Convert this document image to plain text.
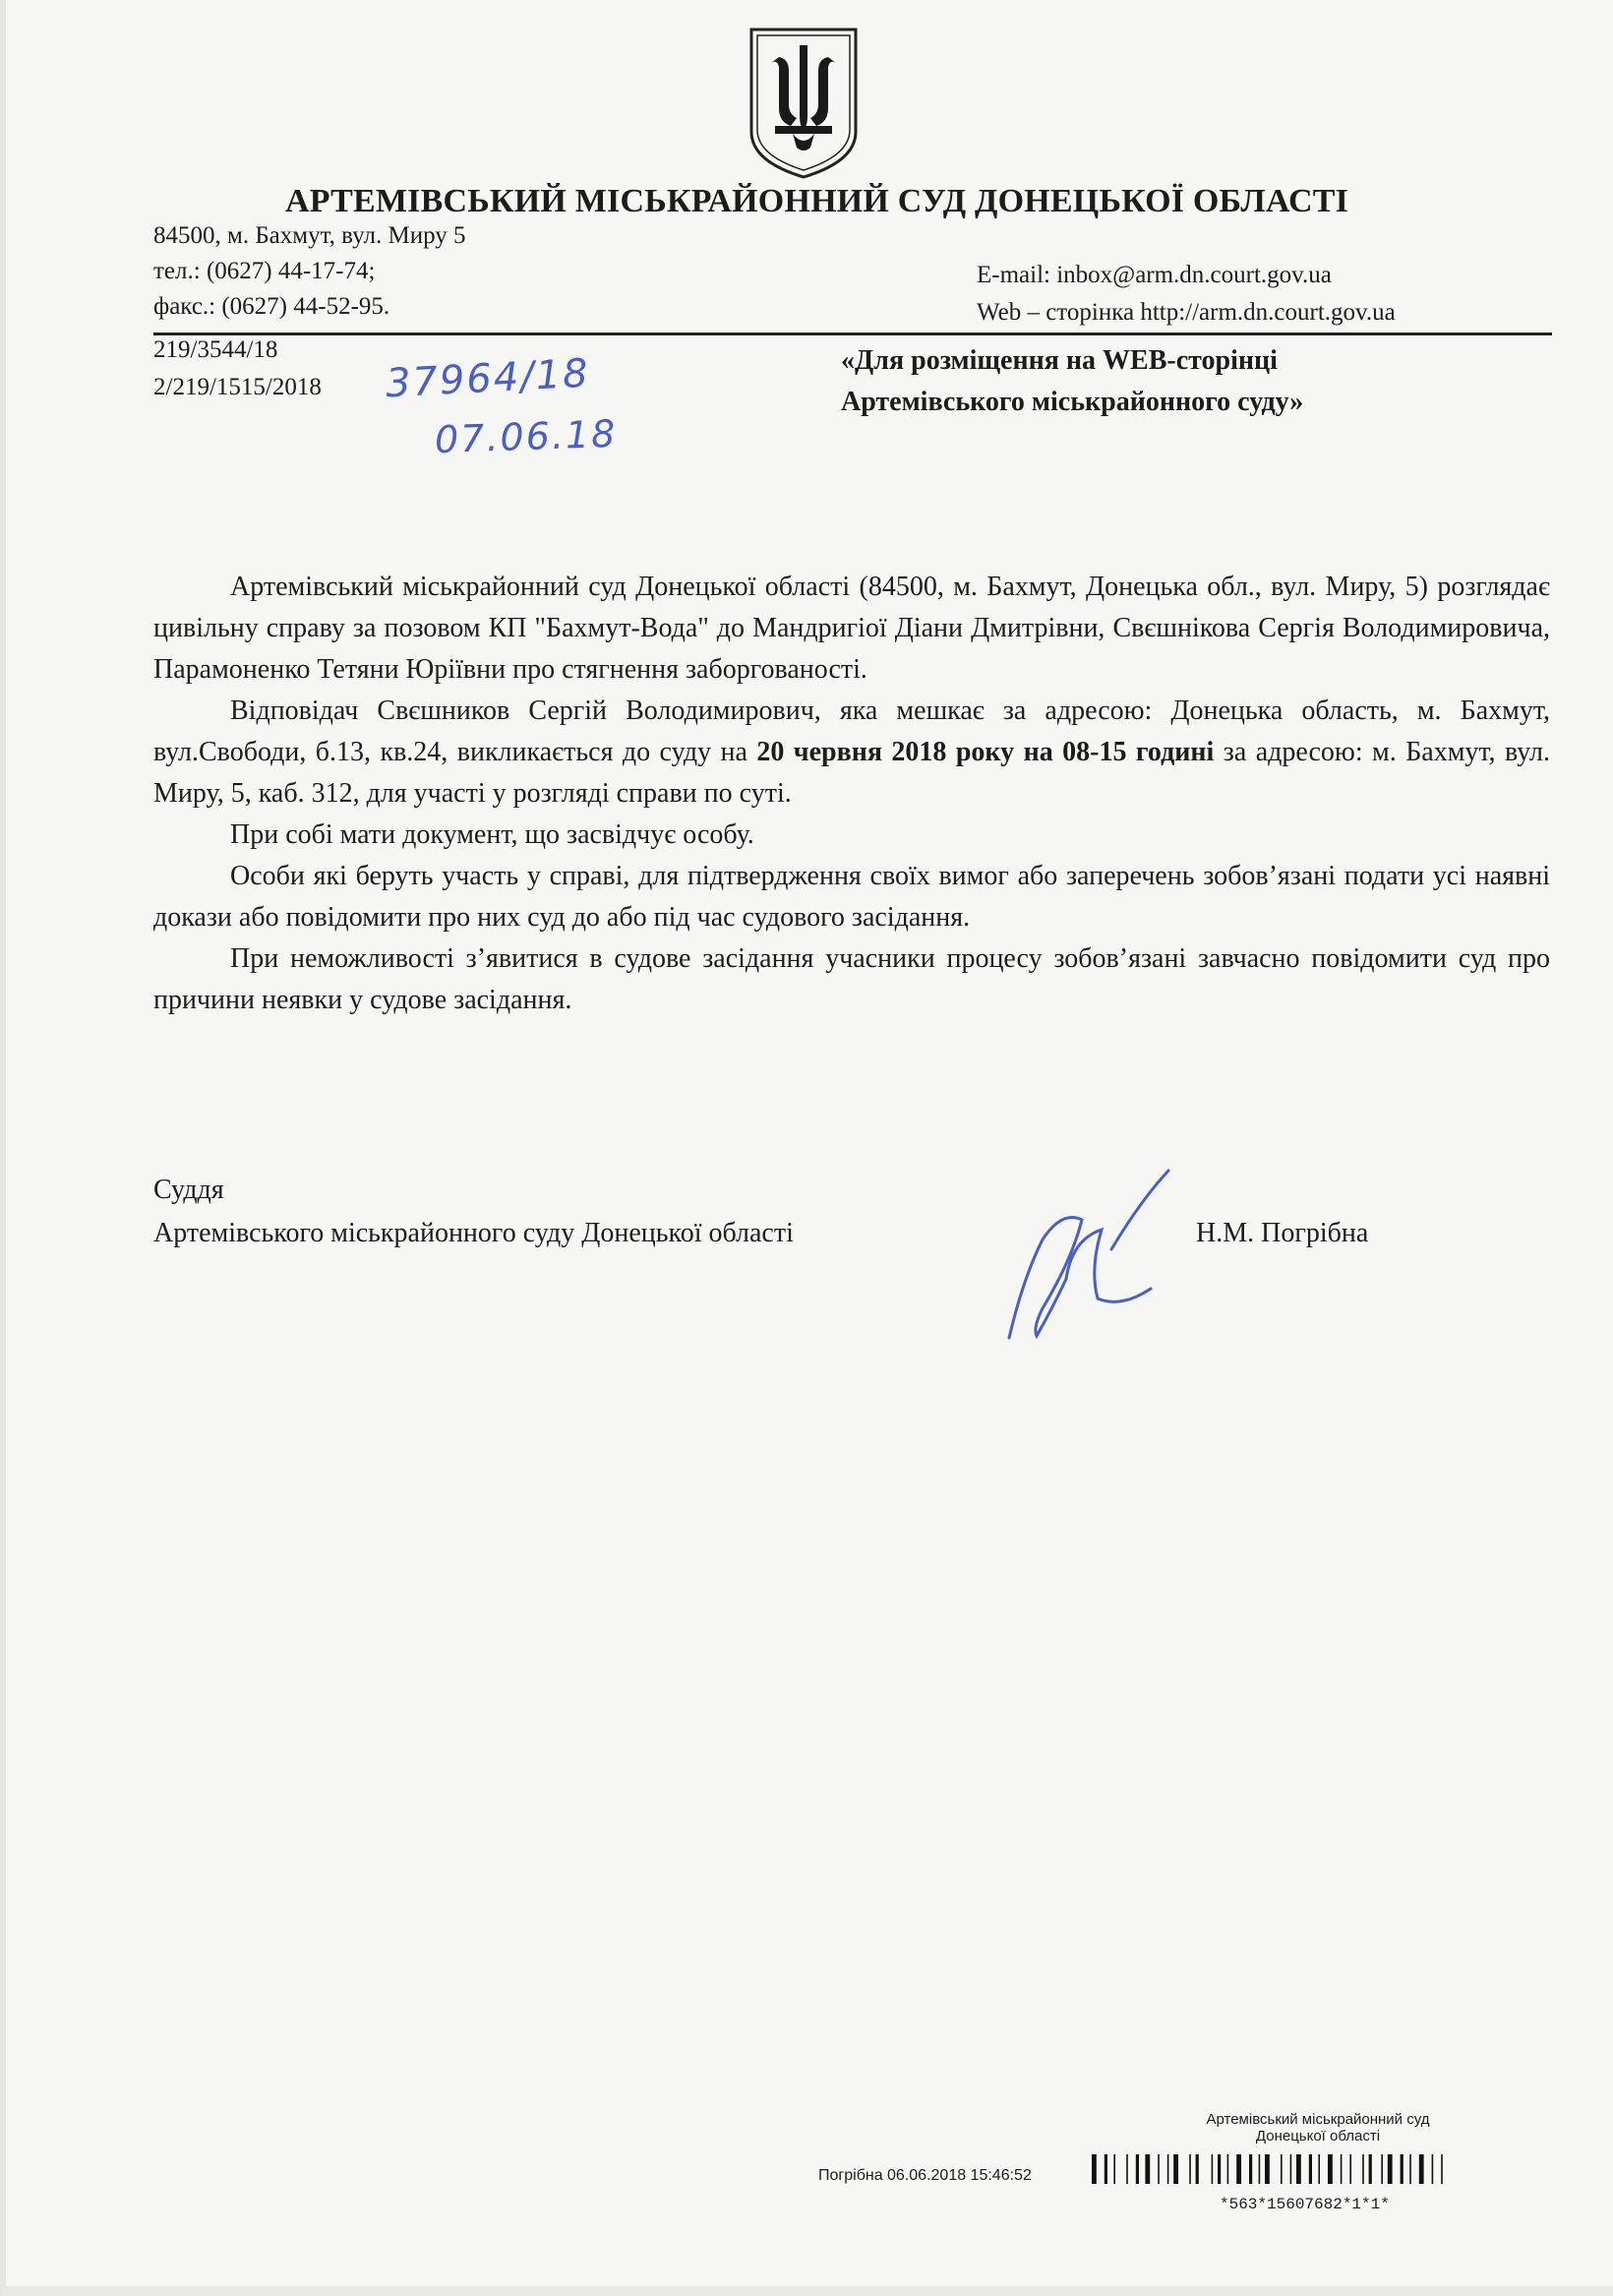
АРТЕМІВСЬКИЙ МІСЬКРАЙОННИЙ СУД ДОНЕЦЬКОЇ ОБЛАСТІ
84500, м. Бахмут, вул. Миру 5
тел.: (0627) 44-17-74;
факс.: (0627) 44-52-95.
E-mail: inbox@arm.dn.court.gov.ua
Web – сторінка http://arm.dn.court.gov.ua
219/3544/18
2/219/1515/2018 37964/18
07.06.18
«Для розміщення на WEB-сторінці
Артемівського міськрайонного суду»

Артемівський міськрайонний суд Донецької області (84500, м. Бахмут, Донецька обл., вул. Миру, 5) розглядає цивільну справу за позовом КП "Бахмут-Вода" до Мандригіої Діани Дмитрівни, Свєшнікова Сергія Володимировича, Парамоненко Тетяни Юріївни про стягнення заборгованості.

Відповідач Свєшников Сергій Володимирович, яка мешкає за адресою: Донецька область, м. Бахмут, вул.Свободи, б.13, кв.24, викликається до суду на 20 червня 2018 року на 08-15 годині за адресою: м. Бахмут, вул. Миру, 5, каб. 312, для участі у розгляді справи по суті.

При собі мати документ, що засвідчує особу.

Особи які беруть участь у справі, для підтвердження своїх вимог або заперечень зобов’язані подати усі наявні докази або повідомити про них суд до або під час судового засідання.

При неможливості з’явитися в судове засідання учасники процесу зобов’язані завчасно повідомити суд про причини неявки у судове засідання.

Суддя
Артемівського міськрайонного суду Донецької області	Н.М. Погрібна
Артемівський міськрайонний суд
Донецької області
Погрібна 06.06.2018 15:46:52
*563*15607682*1*1*
